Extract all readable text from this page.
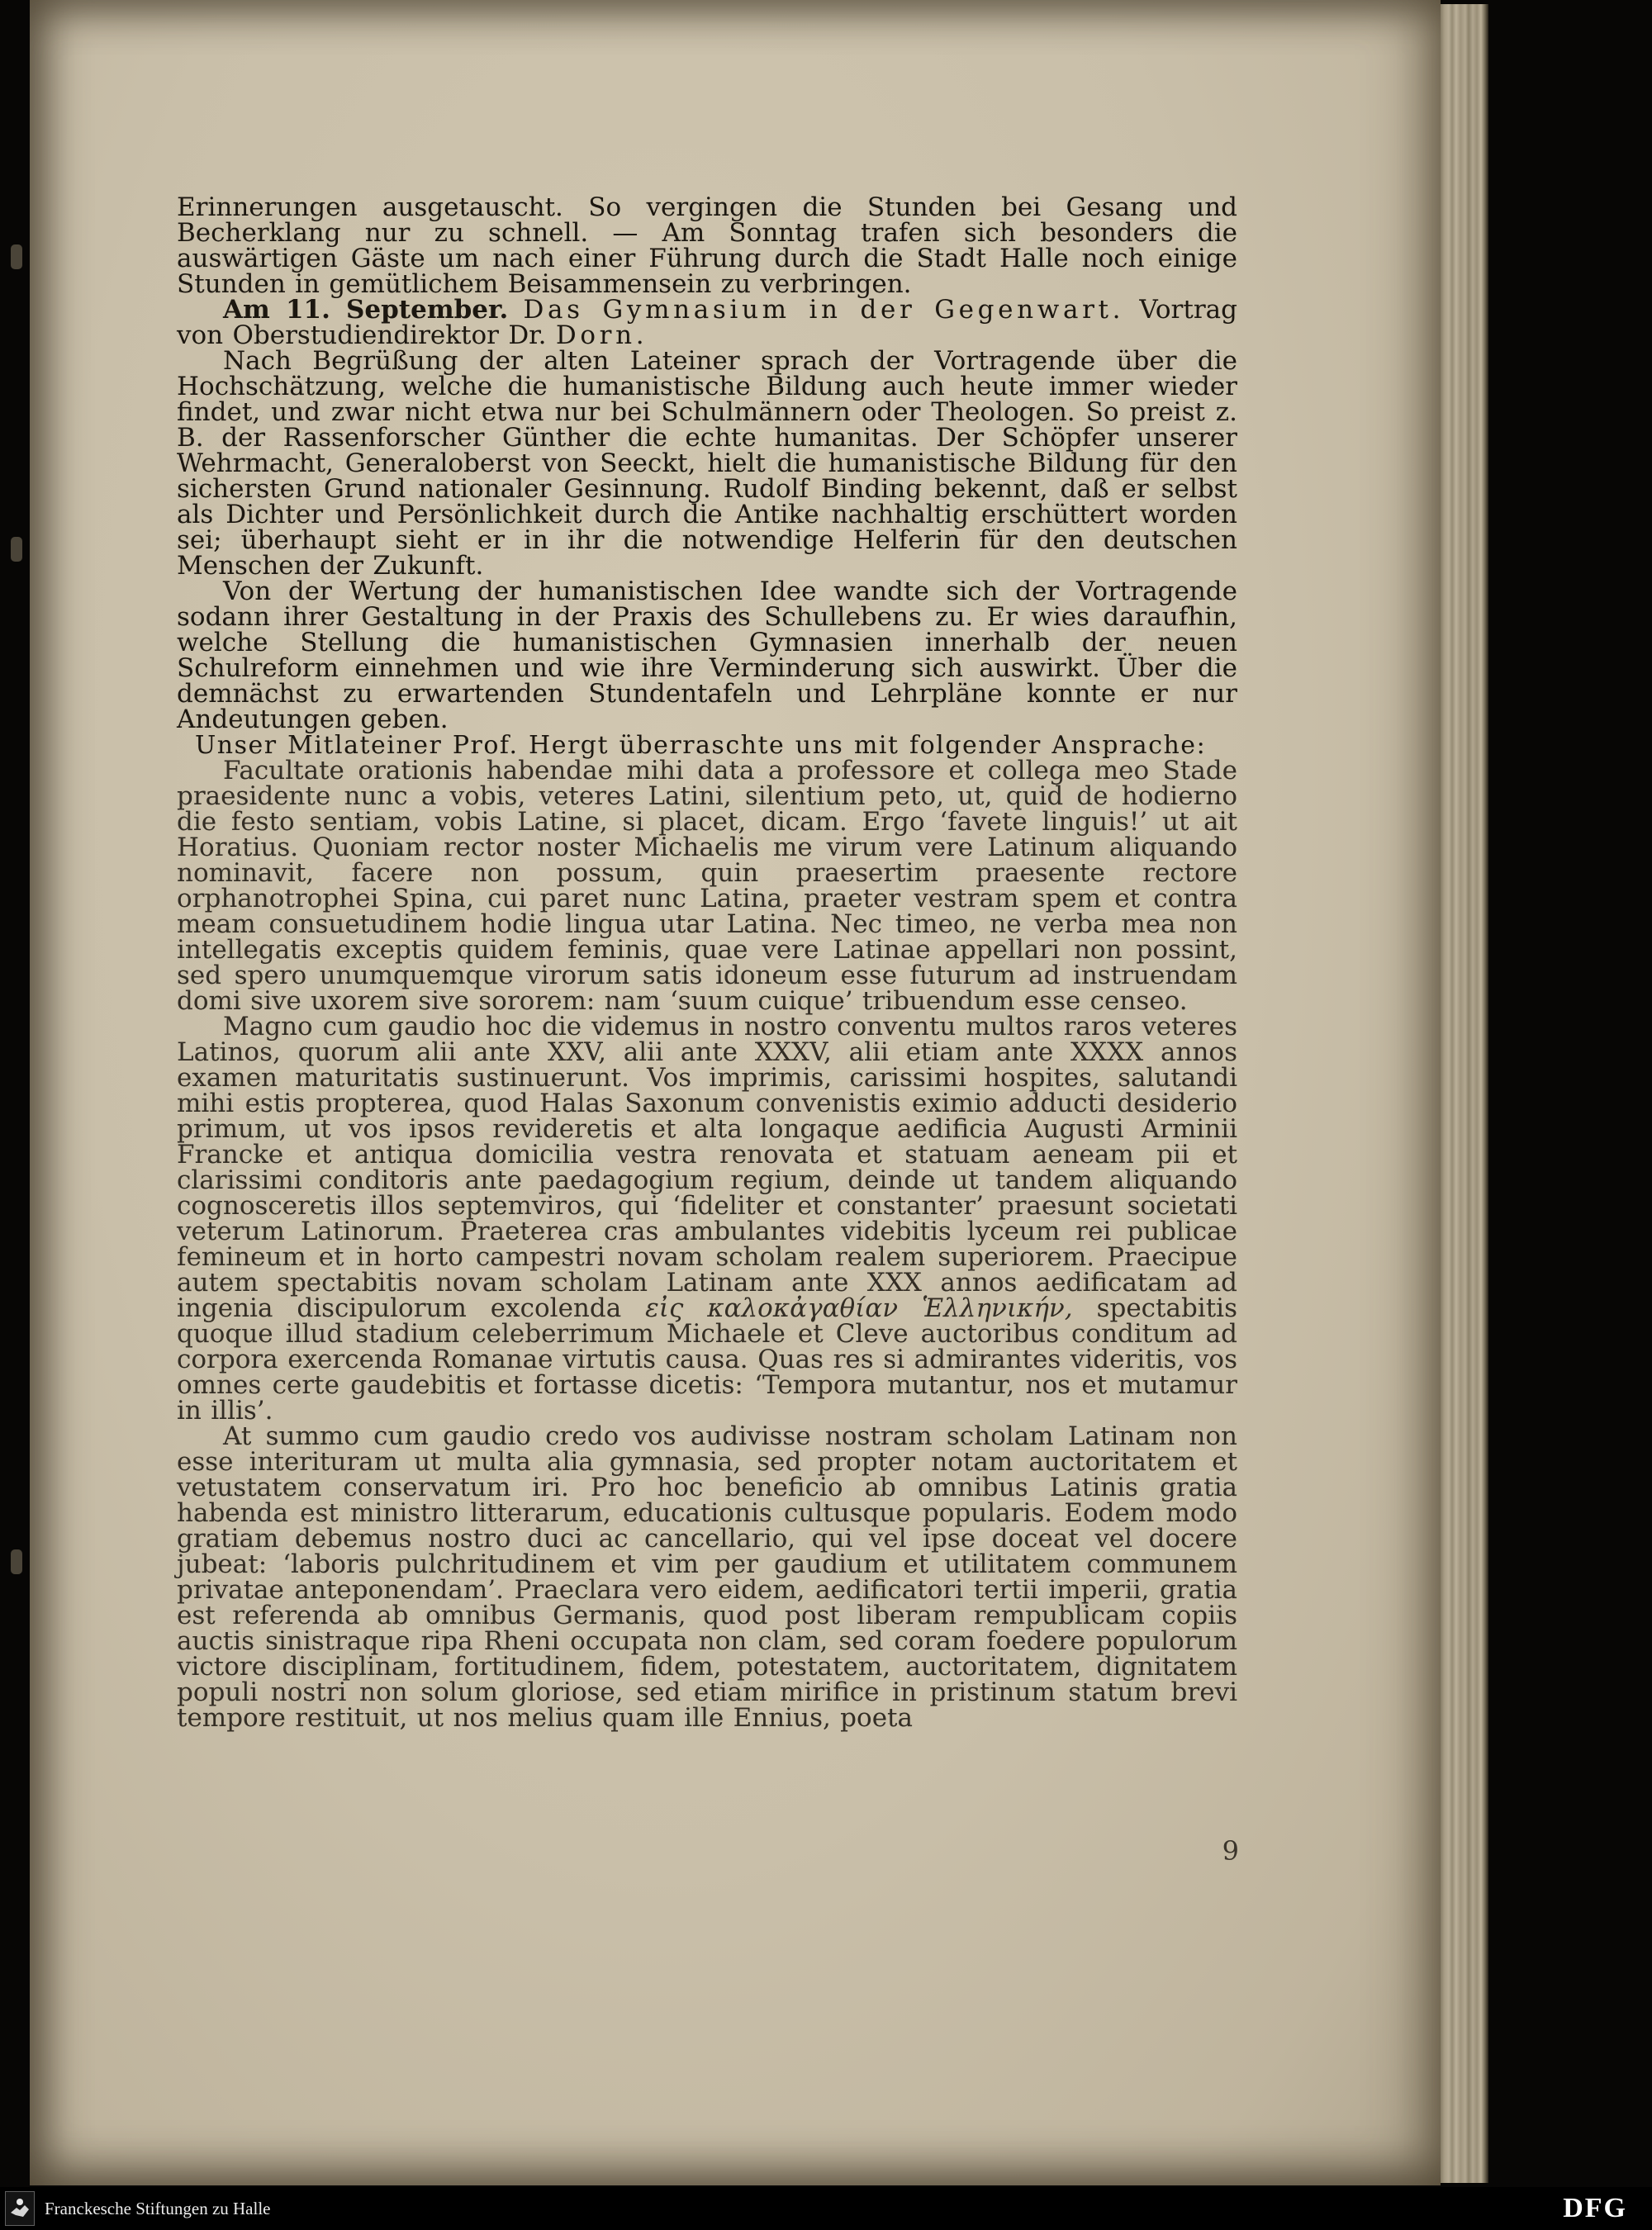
Erinnerungen ausgetauscht. So vergingen die Stunden bei Gesang und Becherklang nur zu schnell. — Am Sonntag trafen sich besonders die auswärtigen Gäste um nach einer Führung durch die Stadt Halle noch einige Stunden in gemütlichem Beisammensein zu verbringen.

Am 11. September. Das Gymnasium in der Gegenwart. Vortrag von Oberstudiendirektor Dr. Dorn.

Nach Begrüßung der alten Lateiner sprach der Vortragende über die Hochschätzung, welche die humanistische Bildung auch heute immer wieder findet, und zwar nicht etwa nur bei Schulmännern oder Theologen. So preist z. B. der Rassenforscher Günther die echte humanitas. Der Schöpfer unserer Wehrmacht, Generaloberst von Seeckt, hielt die humanistische Bildung für den sichersten Grund nationaler Gesinnung. Rudolf Binding bekennt, daß er selbst als Dichter und Persönlichkeit durch die Antike nachhaltig erschüttert worden sei; überhaupt sieht er in ihr die notwendige Helferin für den deutschen Menschen der Zukunft.

Von der Wertung der humanistischen Idee wandte sich der Vortragende sodann ihrer Gestaltung in der Praxis des Schullebens zu. Er wies daraufhin, welche Stellung die humanistischen Gymnasien innerhalb der neuen Schulreform einnehmen und wie ihre Verminderung sich auswirkt. Über die demnächst zu erwartenden Stundentafeln und Lehrpläne konnte er nur Andeutungen geben.

Unser Mitlateiner Prof. Hergt überraschte uns mit folgender Ansprache:

Facultate orationis habendae mihi data a professore et collega meo Stade praesidente nunc a vobis, veteres Latini, silentium peto, ut, quid de hodierno die festo sentiam, vobis Latine, si placet, dicam. Ergo ‘favete linguis!’ ut ait Horatius. Quoniam rector noster Michaelis me virum vere Latinum aliquando nominavit, facere non possum, quin praesertim praesente rectore orphanotrophei Spina, cui paret nunc Latina, praeter vestram spem et contra meam consuetudinem hodie lingua utar Latina. Nec timeo, ne verba mea non intellegatis exceptis quidem feminis, quae vere Latinae appellari non possint, sed spero unumquemque virorum satis idoneum esse futurum ad instruendam domi sive uxorem sive sororem: nam ‘suum cuique’ tribuendum esse censeo.

Magno cum gaudio hoc die videmus in nostro conventu multos raros veteres Latinos, quorum alii ante XXV, alii ante XXXV, alii etiam ante XXXX annos examen maturitatis sustinuerunt. Vos imprimis, carissimi hospites, salutandi mihi estis propterea, quod Halas Saxonum convenistis eximio adducti desiderio primum, ut vos ipsos revideretis et alta longaque aedificia Augusti Arminii Francke et antiqua domicilia vestra renovata et statuam aeneam pii et clarissimi conditoris ante paedagogium regium, deinde ut tandem aliquando cognosceretis illos septemviros, qui ‘fideliter et constanter’ praesunt societati veterum Latinorum. Praeterea cras ambulantes videbitis lyceum rei publicae femineum et in horto campestri novam scholam realem superiorem. Praecipue autem spectabitis novam scholam Latinam ante XXX annos aedificatam ad ingenia discipulorum excolenda εἰς καλοκἀγαθίαν Ἑλληνικήν, spectabitis quoque illud stadium celeberrimum Michaele et Cleve auctoribus conditum ad corpora exercenda Romanae virtutis causa. Quas res si admirantes videritis, vos omnes certe gaudebitis et fortasse dicetis: ‘Tempora mutantur, nos et mutamur in illis’.

At summo cum gaudio credo vos audivisse nostram scholam Latinam non esse interituram ut multa alia gymnasia, sed propter notam auctoritatem et vetustatem conservatum iri. Pro hoc beneficio ab omnibus Latinis gratia habenda est ministro litterarum, educationis cultusque popularis. Eodem modo gratiam debemus nostro duci ac cancellario, qui vel ipse doceat vel docere jubeat: ‘laboris pulchritudinem et vim per gaudium et utilitatem communem privatae anteponendam’. Praeclara vero eidem, aedificatori tertii imperii, gratia est referenda ab omnibus Germanis, quod post liberam rempublicam copiis auctis sinistraque ripa Rheni occupata non clam, sed coram foedere populorum victore disciplinam, fortitudinem, fidem, potestatem, auctoritatem, dignitatem populi nostri non solum gloriose, sed etiam mirifice in pristinum statum brevi tempore restituit, ut nos melius quam ille Ennius, poeta

9
Franckesche Stiftungen zu Halle	DFG
